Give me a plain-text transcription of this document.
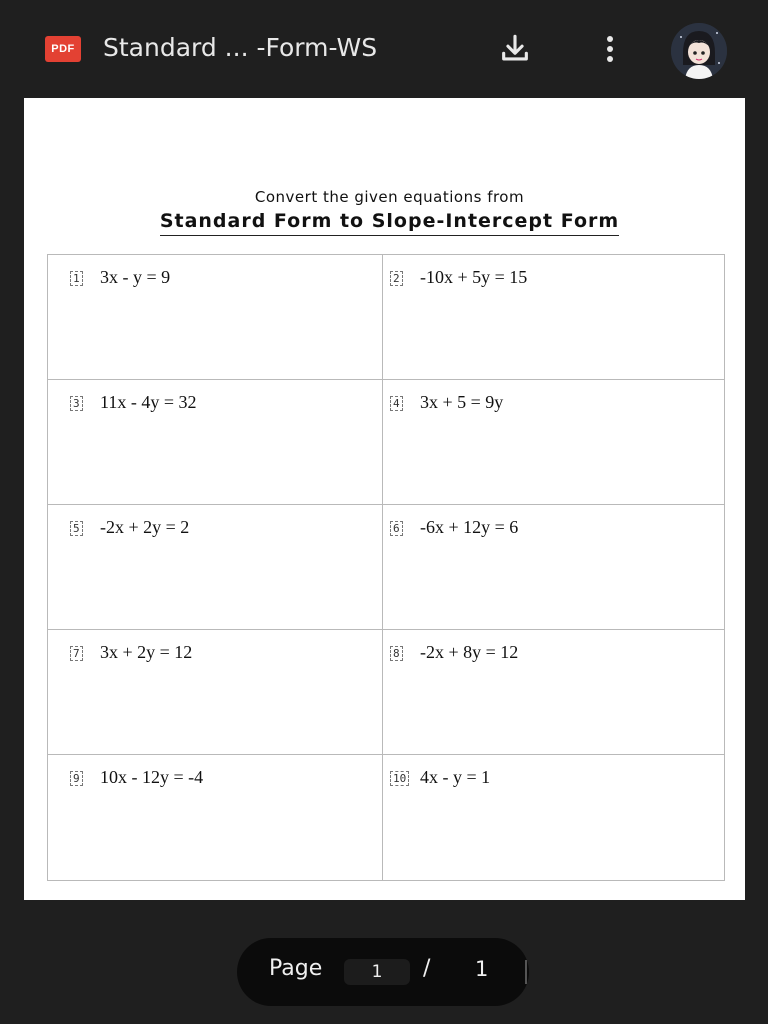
PDF Standard ... -Form-WS
Convert the given equations from
Standard Form to Slope-Intercept Form
1 3x - y = 9	2 -10x + 5y = 15
3 11x - 4y = 32	4 3x + 5 = 9y
5 -2x + 2y = 2	6 -6x + 12y = 6
7 3x + 2y = 12	8 -2x + 8y = 12
9 10x - 12y = -4	10 4x - y = 1
Page
1	/ 1
